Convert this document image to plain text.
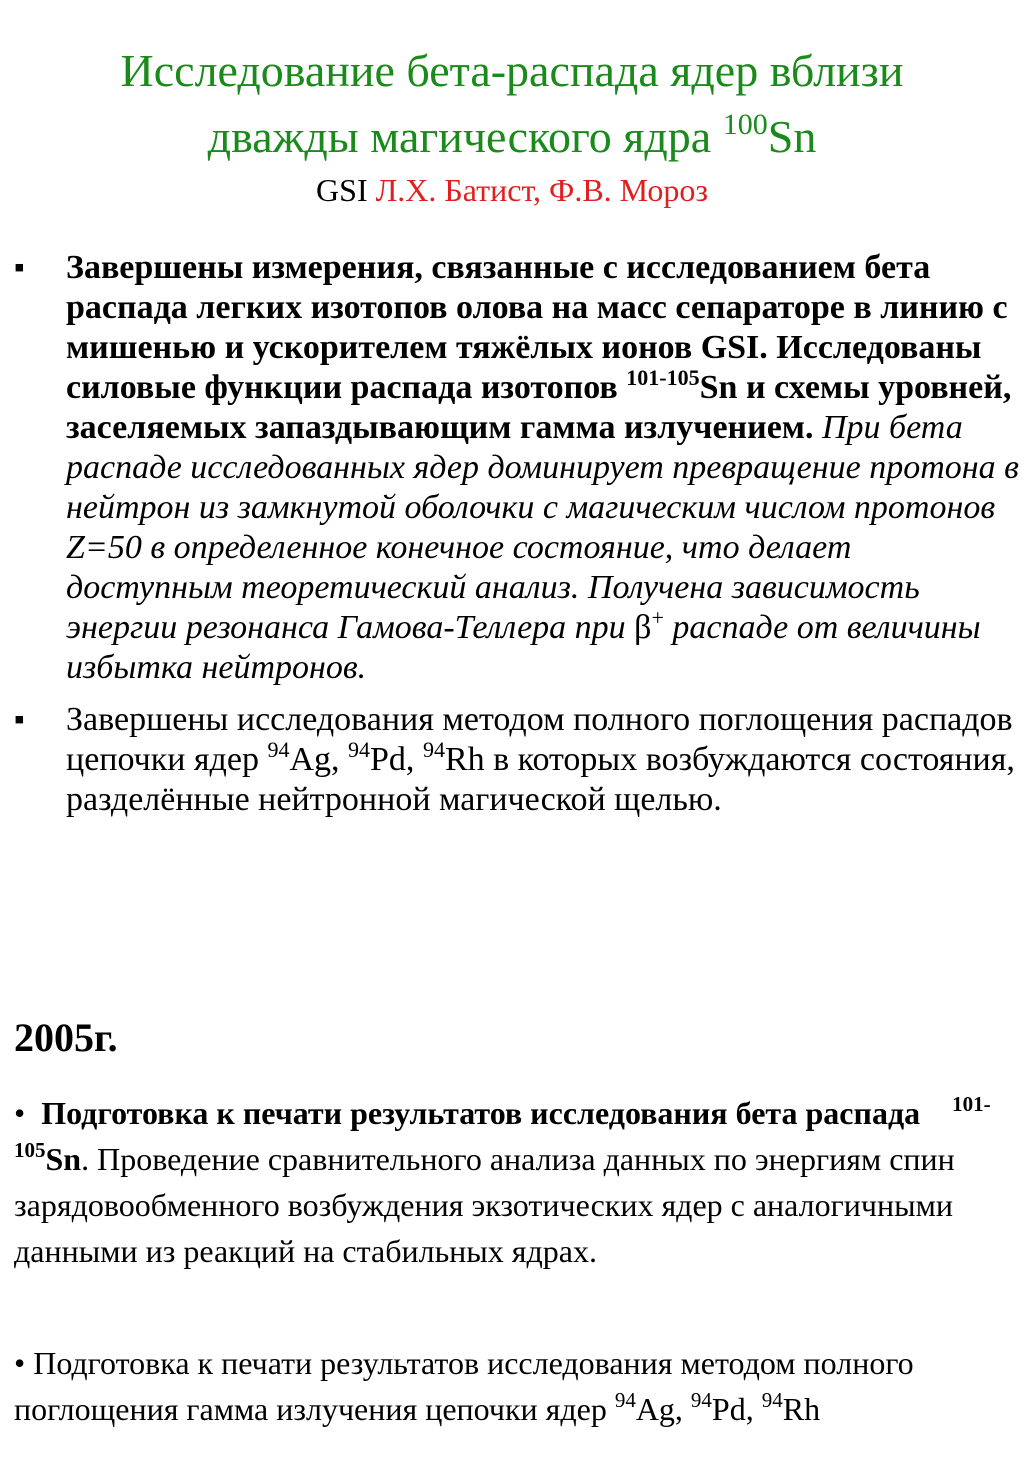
Исследование бета-распада ядер вблизи
дважды магического ядра $^{100}$Sn
GSI Л.Х. Батист, Ф.В. Мороз
▪ Завершены измерения, связанные с исследованием бета распада легких изотопов олова на масс сепараторе в линию с мишенью и ускорителем тяжёлых ионов GSI. Исследованы силовые функции распада изотопов $^{101-105}$Sn и схемы уровней, заселяемых запаздывающим гамма излучением. При бета распаде исследованных ядер доминирует превращение протона в нейтрон из замкнутой оболочки с магическим числом протонов Z=50 в определенное конечное состояние, что делает доступным теоретический анализ. Получена зависимость энергии резонанса Гамова-Теллера при β+ распаде от величины избытка нейтронов.
▪ Завершены исследования методом полного поглощения распадов цепочки ядер $^{94}$Ag, $^{94}$Pd, $^{94}$Rh в которых возбуждаются состояния, разделённые нейтронной магической щелью.
2005г.
• Подготовка к печати результатов исследования бета распада $^{101-105}$Sn. Проведение сравнительного анализа данных по энергиям спин зарядовообменного возбуждения экзотических ядер с аналогичными данными из реакций на стабильных ядрах.
• Подготовка к печати результатов исследования методом полного поглощения гамма излучения цепочки ядер $^{94}$Ag, $^{94}$Pd, $^{94}$Rh
